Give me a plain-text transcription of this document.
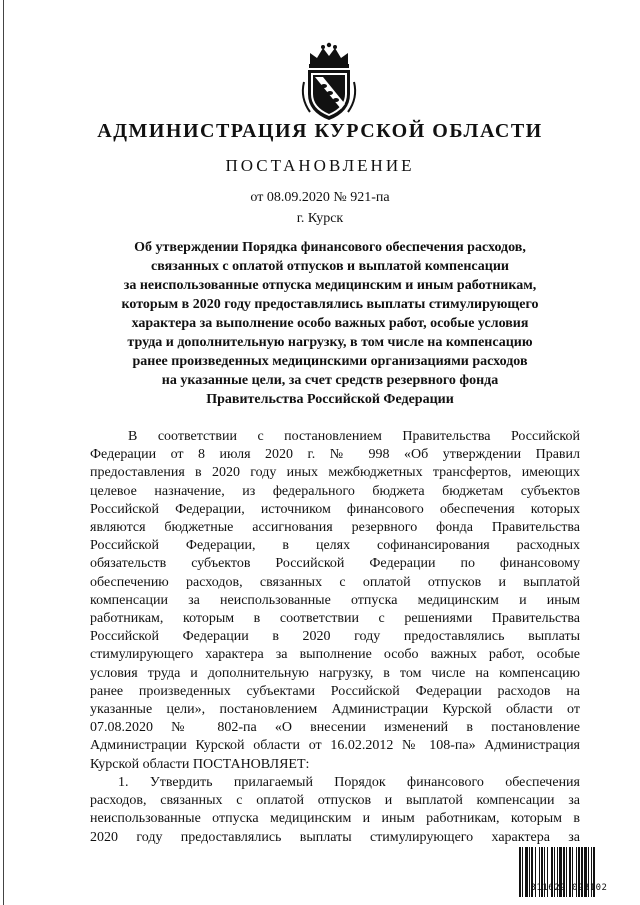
АДМИНИСТРАЦИЯ КУРСКОЙ ОБЛАСТИ
ПОСТАНОВЛЕНИЕ
от 08.09.2020 № 921-па
г. Курск
Об утверждении Порядка финансового обеспечения расходов,
связанных с оплатой отпусков и выплатой компенсации
за неиспользованные отпуска медицинским и иным работникам,
которым в 2020 году предоставлялись выплаты стимулирующего
характера за выполнение особо важных работ, особые условия
труда и дополнительную нагрузку, в том числе на компенсацию
ранее произведенных медицинскими организациями расходов
на указанные цели, за счет средств резервного фонда
Правительства Российской Федерации
В соответствии с постановлением Правительства Российской
Федерации от 8 июля 2020 г. № 998 «Об утверждении Правил
предоставления в 2020 году иных межбюджетных трансфертов, имеющих
целевое назначение, из федерального бюджета бюджетам субъектов
Российской Федерации, источником финансового обеспечения которых
являются бюджетные ассигнования резервного фонда Правительства
Российской Федерации, в целях софинансирования расходных
обязательств субъектов Российской Федерации по финансовому
обеспечению расходов, связанных с оплатой отпусков и выплатой
компенсации за неиспользованные отпуска медицинским и иным
работникам, которым в соответствии с решениями Правительства
Российской Федерации в 2020 году предоставлялись выплаты
стимулирующего характера за выполнение особо важных работ, особые
условия труда и дополнительную нагрузку, в том числе на компенсацию
ранее произведенных субъектами Российской Федерации расходов на
указанные цели», постановлением Администрации Курской области от
07.08.2020 № 802-па «О внесении изменений в постановление
Администрации Курской области от 16.02.2012 № 108-па» Администрация
Курской области ПОСТАНОВЛЯЕТ:
1. Утвердить прилагаемый Порядок финансового обеспечения
расходов, связанных с оплатой отпусков и выплатой компенсации за
неиспользованные отпуска медицинским и иным работникам, которым в
2020 году предоставлялись выплаты стимулирующего характера за
311629 098102
